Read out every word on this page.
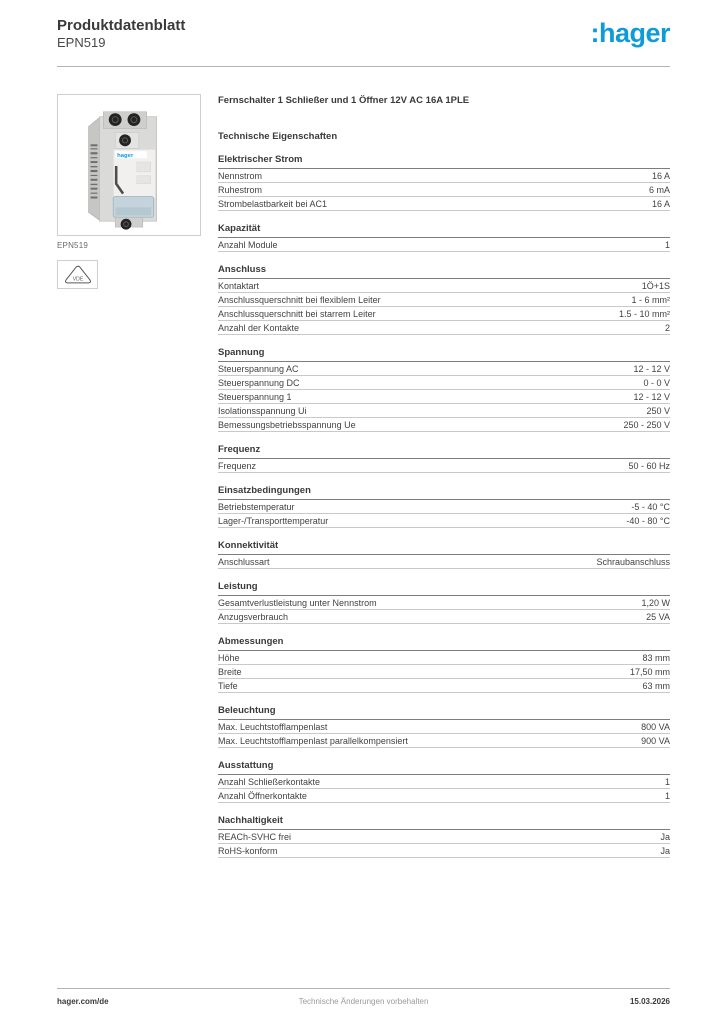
Produktdatenblatt
EPN519	:hager
hager
EPN519
VDE
Fernschalter 1 Schließer und 1 Öffner 12V AC 16A 1PLE
Technische Eigenschaften
Elektrischer Strom
Nennstrom	16 A
Ruhestrom	6 mA
Strombelastbarkeit bei AC1	16 A
Kapazität
Anzahl Module	1
Anschluss
Kontaktart	1Ö+1S
Anschlussquerschnitt bei flexiblem Leiter	1 - 6 mm²
Anschlussquerschnitt bei starrem Leiter	1.5 - 10 mm²
Anzahl der Kontakte	2
Spannung
Steuerspannung AC	12 - 12 V
Steuerspannung DC	0 - 0 V
Steuerspannung 1	12 - 12 V
Isolationsspannung Ui	250 V
Bemessungsbetriebsspannung Ue	250 - 250 V
Frequenz
Frequenz	50 - 60 Hz
Einsatzbedingungen
Betriebstemperatur	-5 - 40 °C
Lager-/Transporttemperatur	-40 - 80 °C
Konnektivität
Anschlussart	Schraubanschluss
Leistung
Gesamtverlustleistung unter Nennstrom	1,20 W
Anzugsverbrauch	25 VA
Abmessungen
Höhe	83 mm
Breite	17,50 mm
Tiefe	63 mm
Beleuchtung
Max. Leuchtstofflampenlast	800 VA
Max. Leuchtstofflampenlast parallelkompensiert	900 VA
Ausstattung
Anzahl Schließerkontakte	1
Anzahl Öffnerkontakte	1
Nachhaltigkeit
REACh-SVHC frei	Ja
RoHS-konform	Ja
hager.com/de	Technische Änderungen vorbehalten	15.03.2026
